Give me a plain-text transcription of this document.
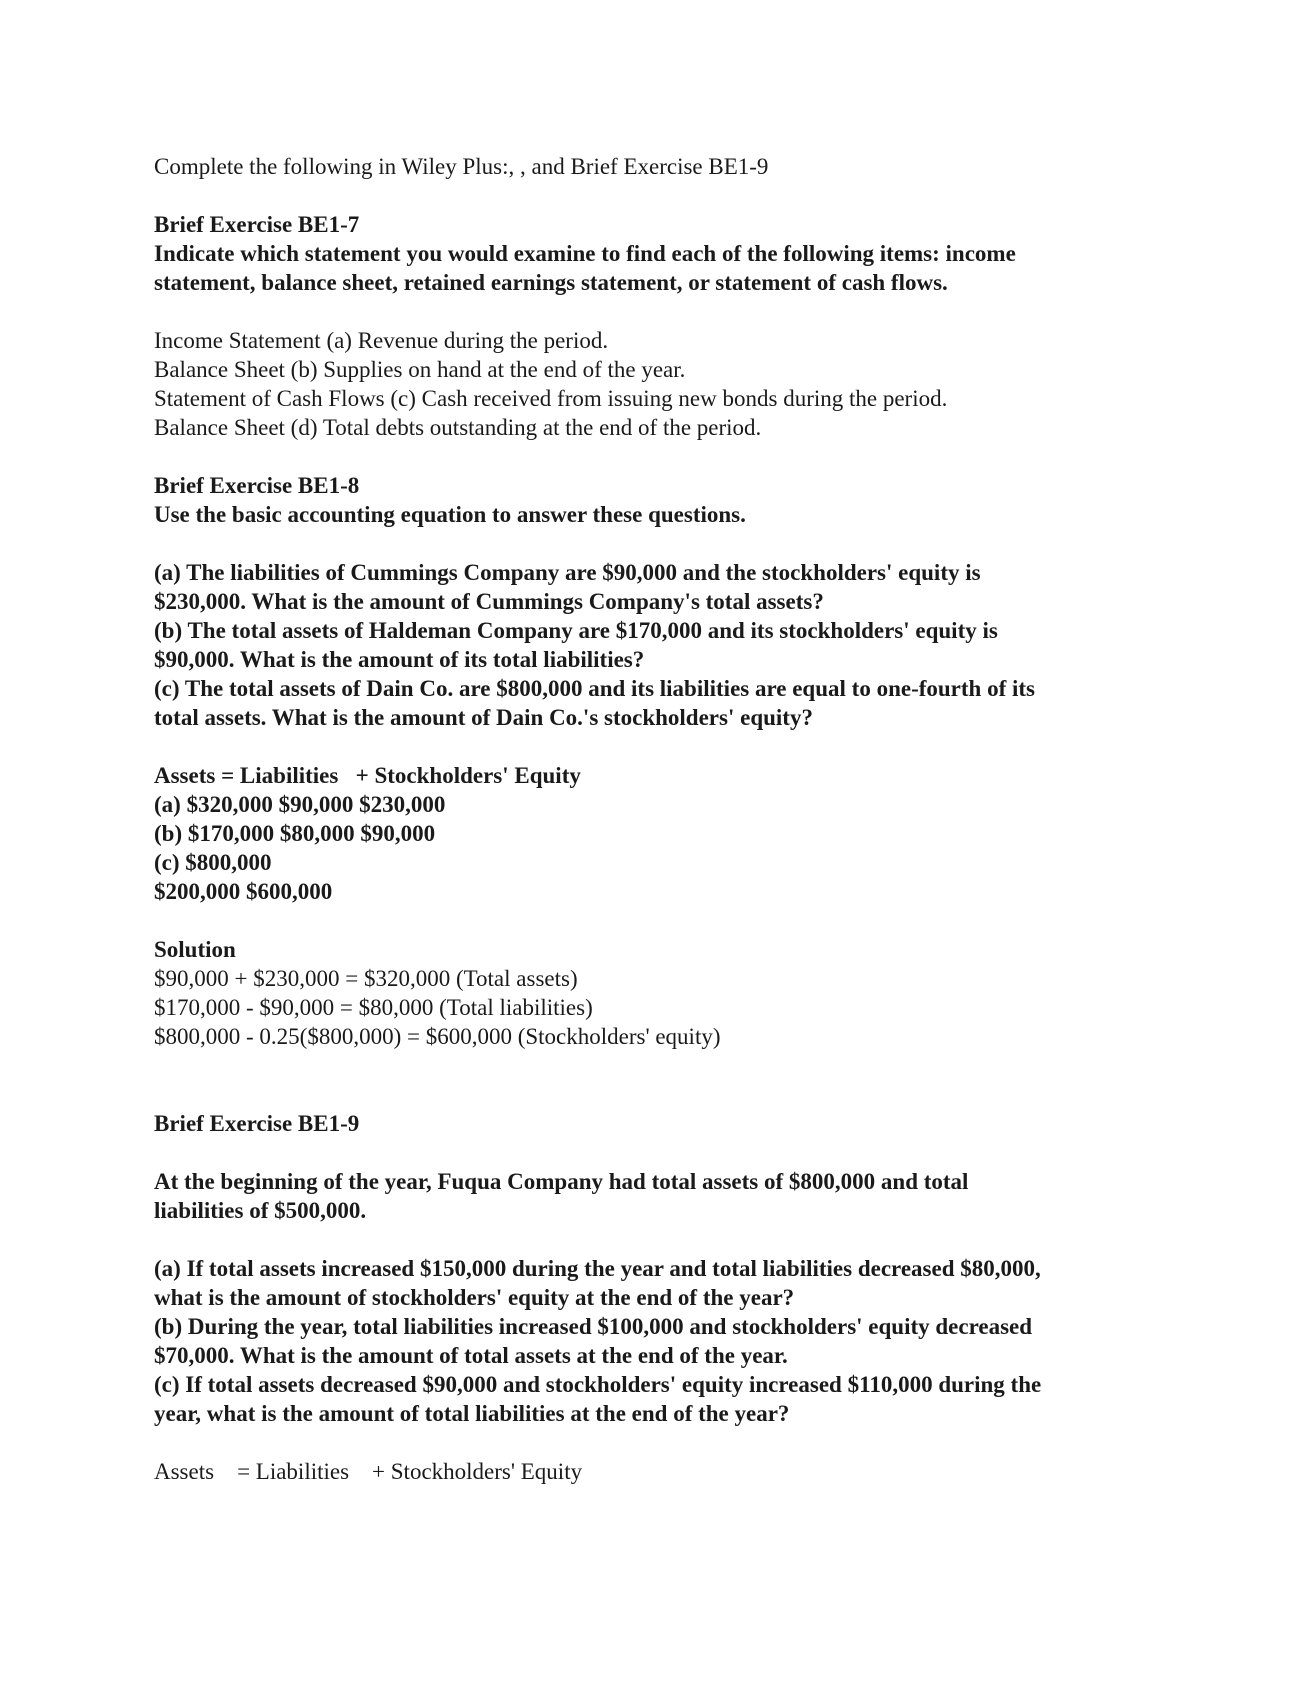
Complete the following in Wiley Plus:, , and Brief Exercise BE1-9
Brief Exercise BE1-7
Indicate which statement you would examine to find each of the following items: income
statement, balance sheet, retained earnings statement, or statement of cash flows.
Income Statement (a) Revenue during the period.
Balance Sheet (b) Supplies on hand at the end of the year.
Statement of Cash Flows (c) Cash received from issuing new bonds during the period.
Balance Sheet (d) Total debts outstanding at the end of the period.
Brief Exercise BE1-8
Use the basic accounting equation to answer these questions.
(a) The liabilities of Cummings Company are $90,000 and the stockholders' equity is
$230,000. What is the amount of Cummings Company's total assets?
(b) The total assets of Haldeman Company are $170,000 and its stockholders' equity is
$90,000. What is the amount of its total liabilities?
(c) The total assets of Dain Co. are $800,000 and its liabilities are equal to one-fourth of its
total assets. What is the amount of Dain Co.'s stockholders' equity?
Assets = Liabilities + Stockholders' Equity
(a) $320,000 $90,000 $230,000
(b) $170,000 $80,000 $90,000
(c) $800,000
$200,000 $600,000
Solution
$90,000 + $230,000 = $320,000 (Total assets)
$170,000 - $90,000 = $80,000 (Total liabilities)
$800,000 - 0.25($800,000) = $600,000 (Stockholders' equity)
Brief Exercise BE1-9
At the beginning of the year, Fuqua Company had total assets of $800,000 and total
liabilities of $500,000.
(a) If total assets increased $150,000 during the year and total liabilities decreased $80,000,
what is the amount of stockholders' equity at the end of the year?
(b) During the year, total liabilities increased $100,000 and stockholders' equity decreased
$70,000. What is the amount of total assets at the end of the year.
(c) If total assets decreased $90,000 and stockholders' equity increased $110,000 during the
year, what is the amount of total liabilities at the end of the year?
Assets = Liabilities + Stockholders' Equity
